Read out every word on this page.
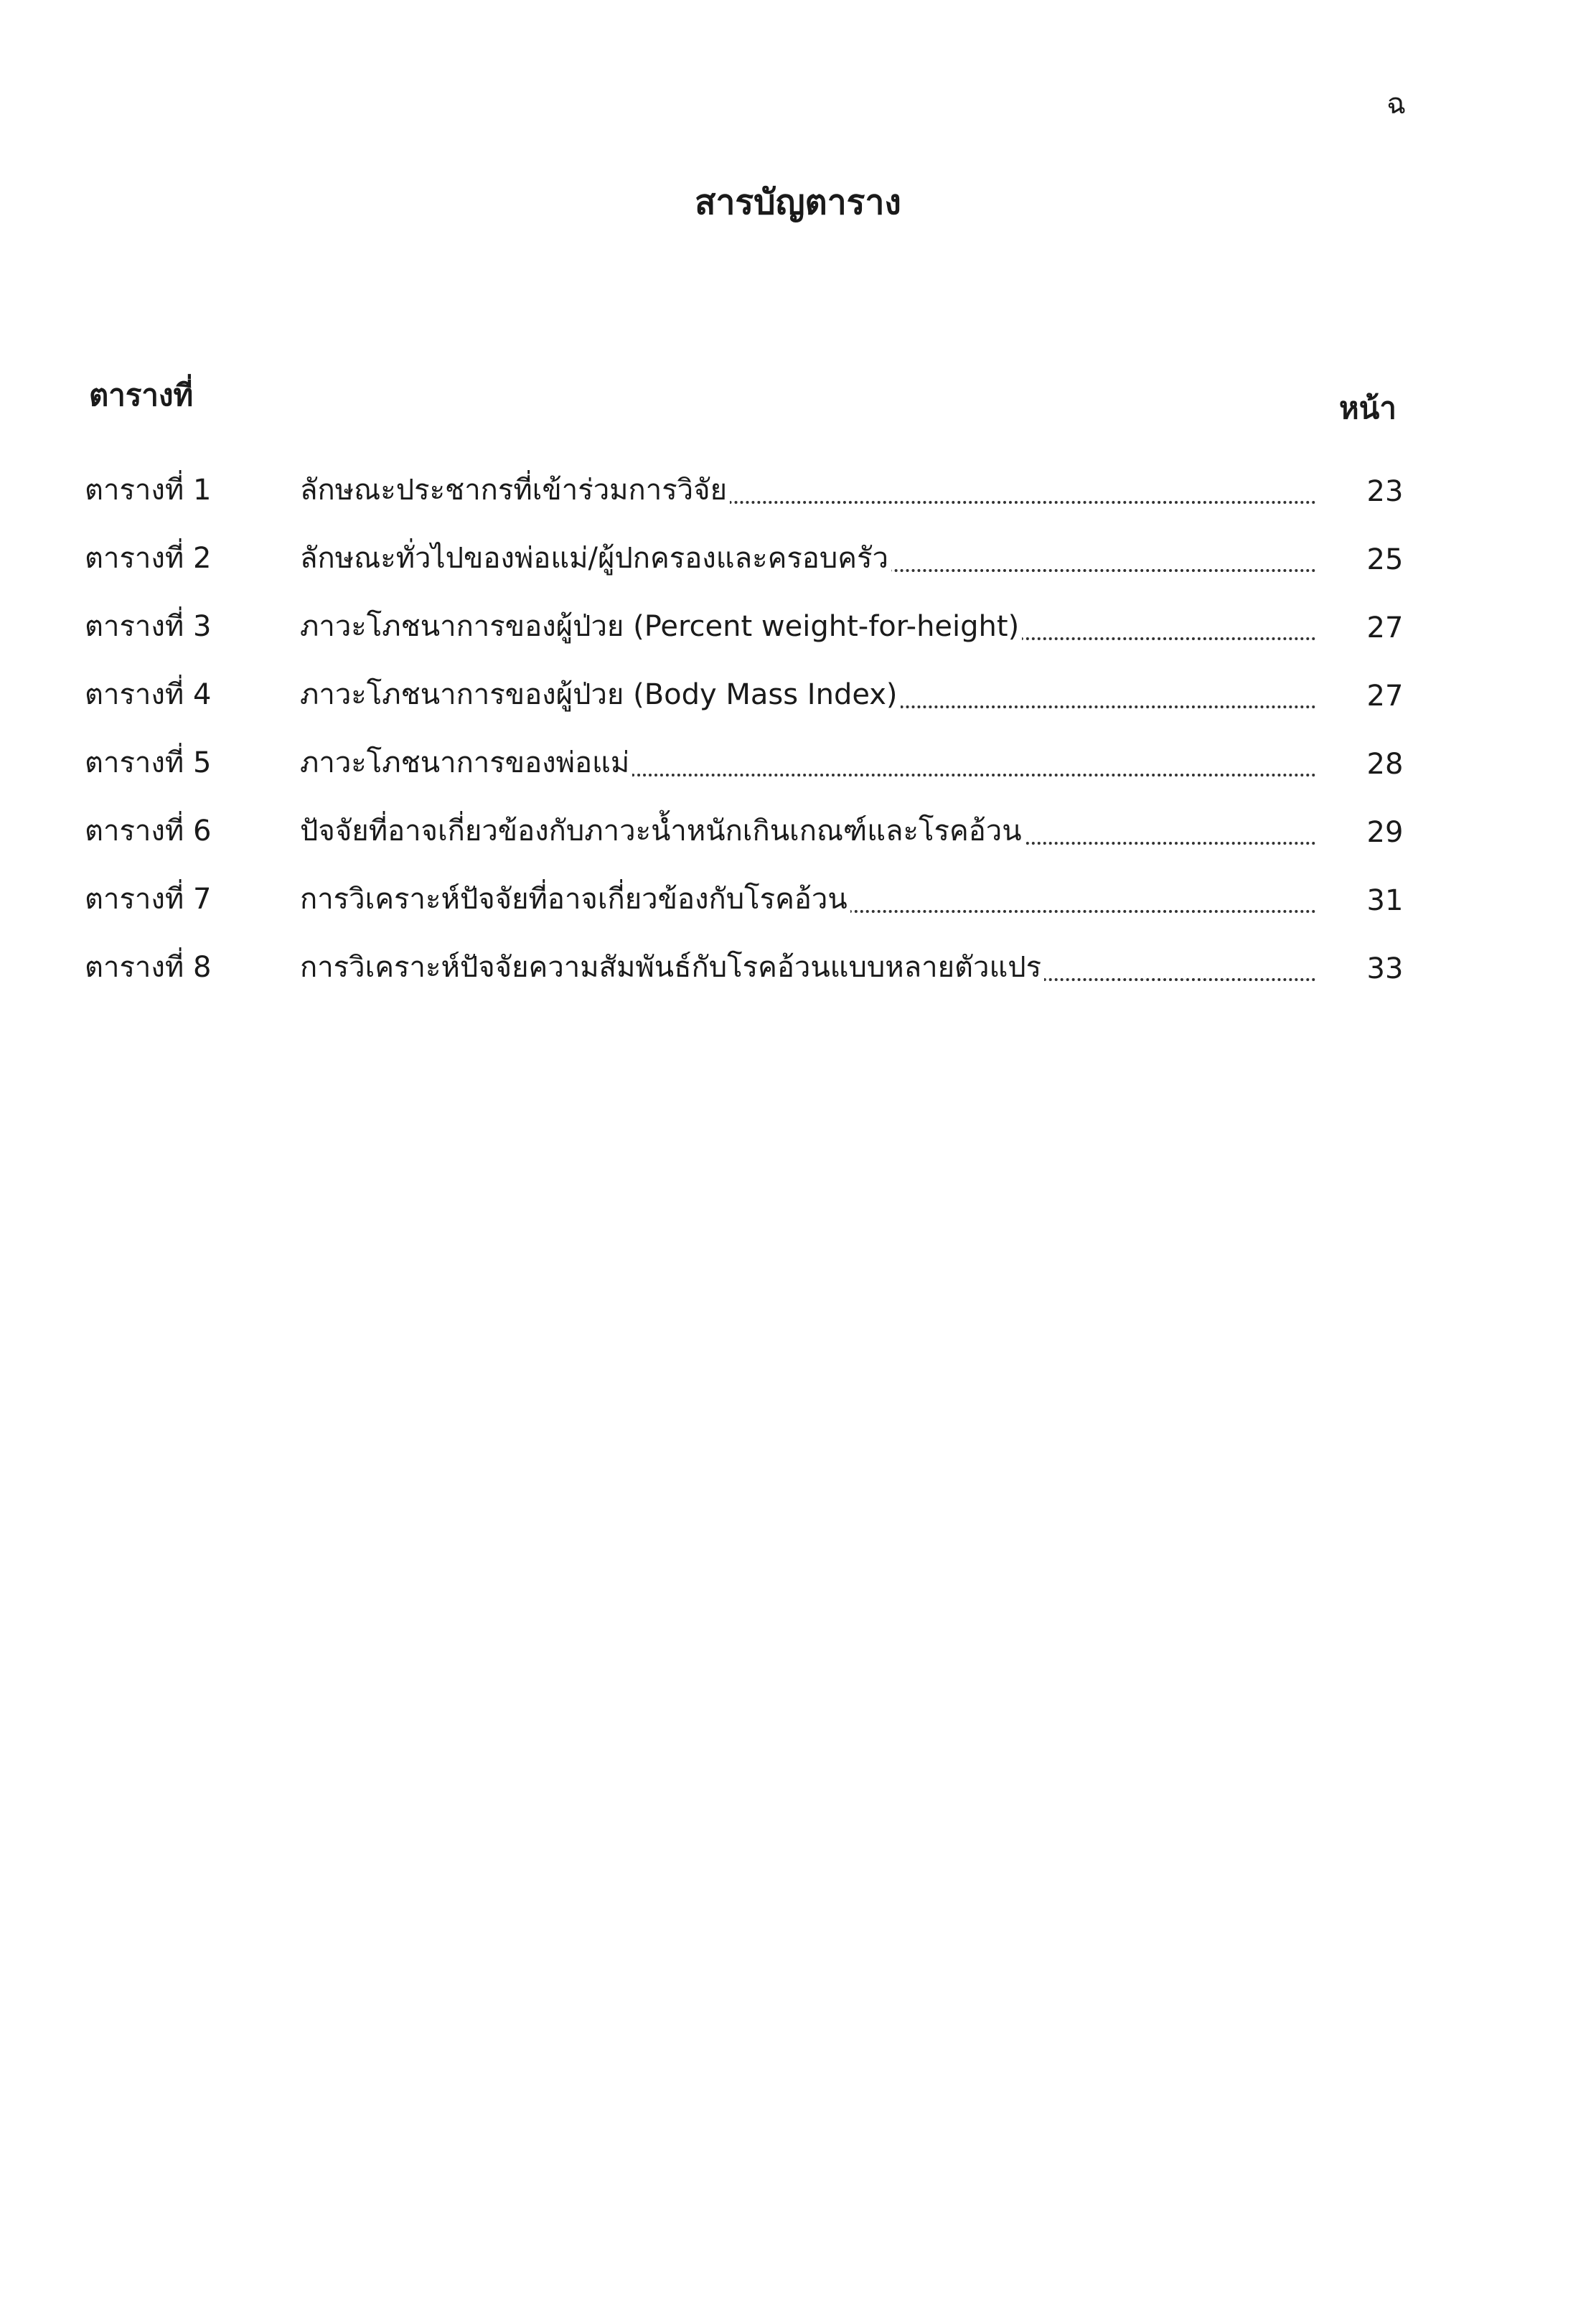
ฉ
สารบัญตาราง
ตารางที่	หน้า
ตารางที่ 1	ลักษณะประชากรที่เข้าร่วมการวิจัย	23
ตารางที่ 2	ลักษณะทั่วไปของพ่อแม่/ผู้ปกครองและครอบครัว	25
ตารางที่ 3	ภาวะโภชนาการของผู้ป่วย (Percent weight-for-height)	27
ตารางที่ 4	ภาวะโภชนาการของผู้ป่วย (Body Mass Index)	27
ตารางที่ 5	ภาวะโภชนาการของพ่อแม่	28
ตารางที่ 6	ปัจจัยที่อาจเกี่ยวข้องกับภาวะน้ำหนักเกินเกณฑ์และโรคอ้วน	29
ตารางที่ 7	การวิเคราะห์ปัจจัยที่อาจเกี่ยวข้องกับโรคอ้วน	31
ตารางที่ 8	การวิเคราะห์ปัจจัยความสัมพันธ์กับโรคอ้วนแบบหลายตัวแปร	33
